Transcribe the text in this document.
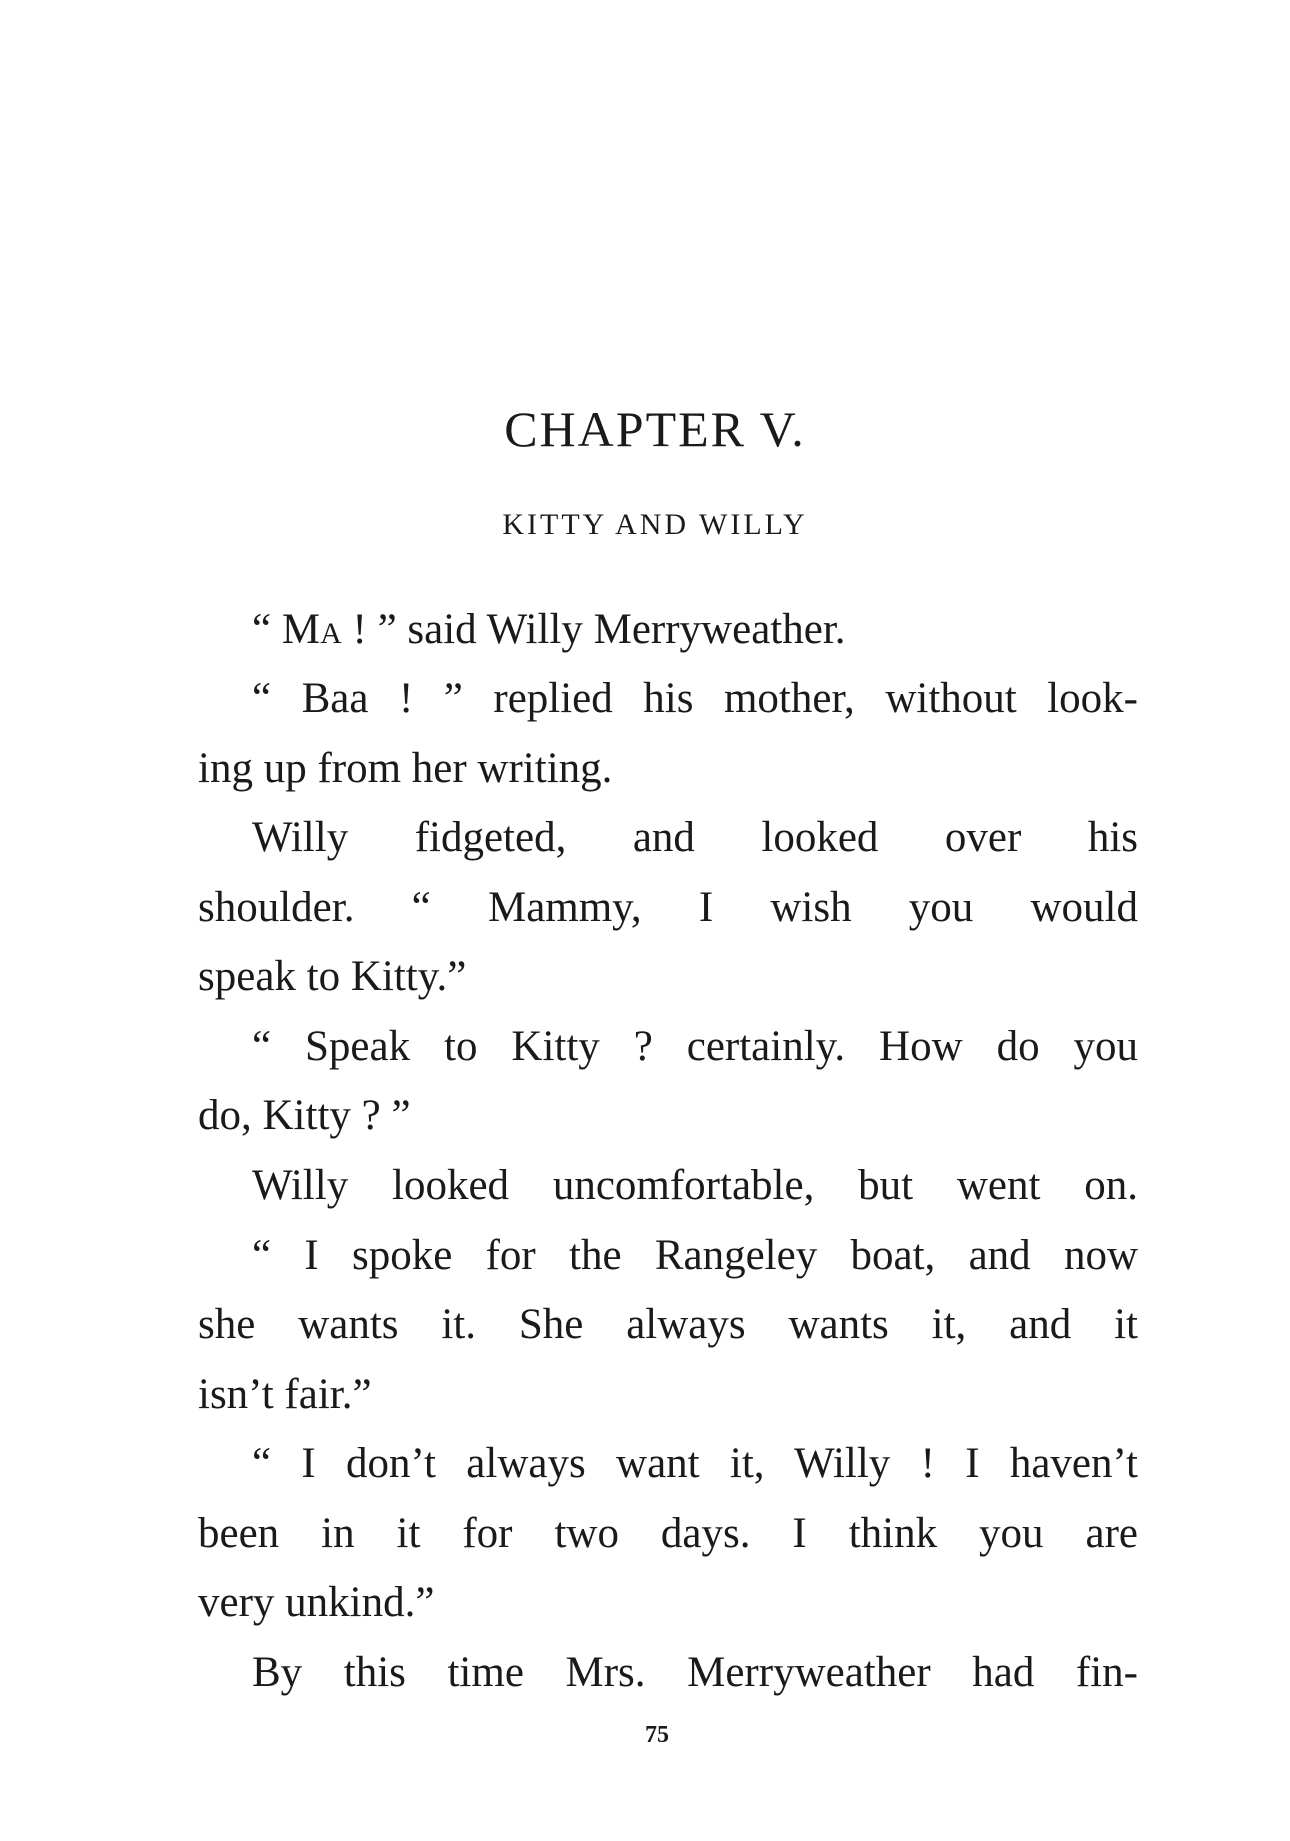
CHAPTER V.
KITTY AND WILLY
“ Ma ! ” said Willy Merryweather.
“ Baa ! ” replied his mother, without look-
ing up from her writing.
Willy fidgeted, and looked over his
shoulder. “ Mammy, I wish you would
speak to Kitty.”
“ Speak to Kitty ? certainly. How do you
do, Kitty ? ”
Willy looked uncomfortable, but went on.
“ I spoke for the Rangeley boat, and now
she wants it. She always wants it, and it
isn’t fair.”
“ I don’t always want it, Willy ! I haven’t
been in it for two days. I think you are
very unkind.”
By this time Mrs. Merryweather had fin-
75
